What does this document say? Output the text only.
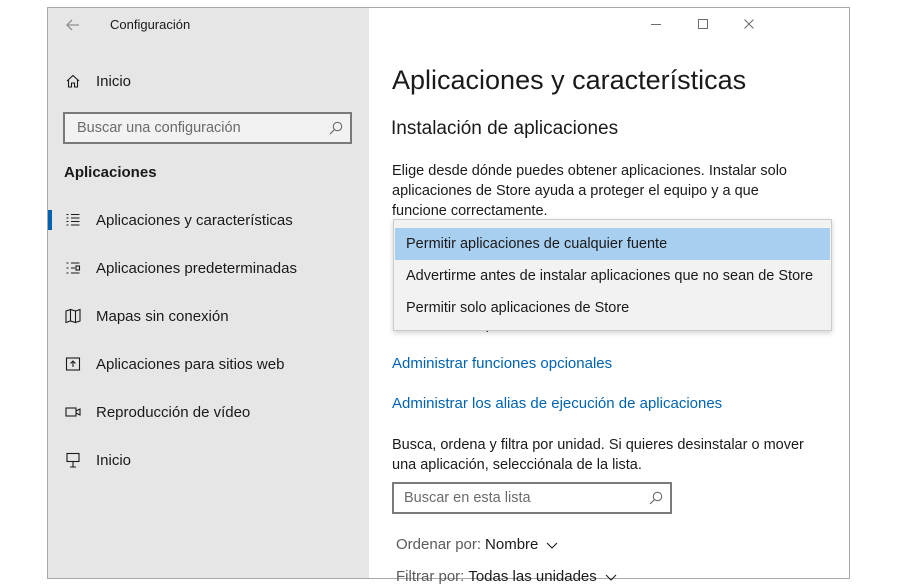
Configuración
Inicio
Buscar una configuración
Aplicaciones
Aplicaciones y características
Aplicaciones predeterminadas
Mapas sin conexión
Aplicaciones para sitios web
Reproducción de vídeo
Inicio
Aplicaciones y características
Instalación de aplicaciones
Elige desde dónde puedes obtener aplicaciones. Instalar solo aplicaciones de Store ayuda a proteger el equipo y a que funcione correctamente.
Permitir aplicaciones de cualquier fuente
Advertirme antes de instalar aplicaciones que no sean de Store
Permitir solo aplicaciones de Store
Administrar funciones opcionales
Administrar los alias de ejecución de aplicaciones
Busca, ordena y filtra por unidad. Si quieres desinstalar o mover una aplicación, selecciónala de la lista.
Buscar en esta lista
Ordenar por: Nombre
Filtrar por: Todas las unidades
